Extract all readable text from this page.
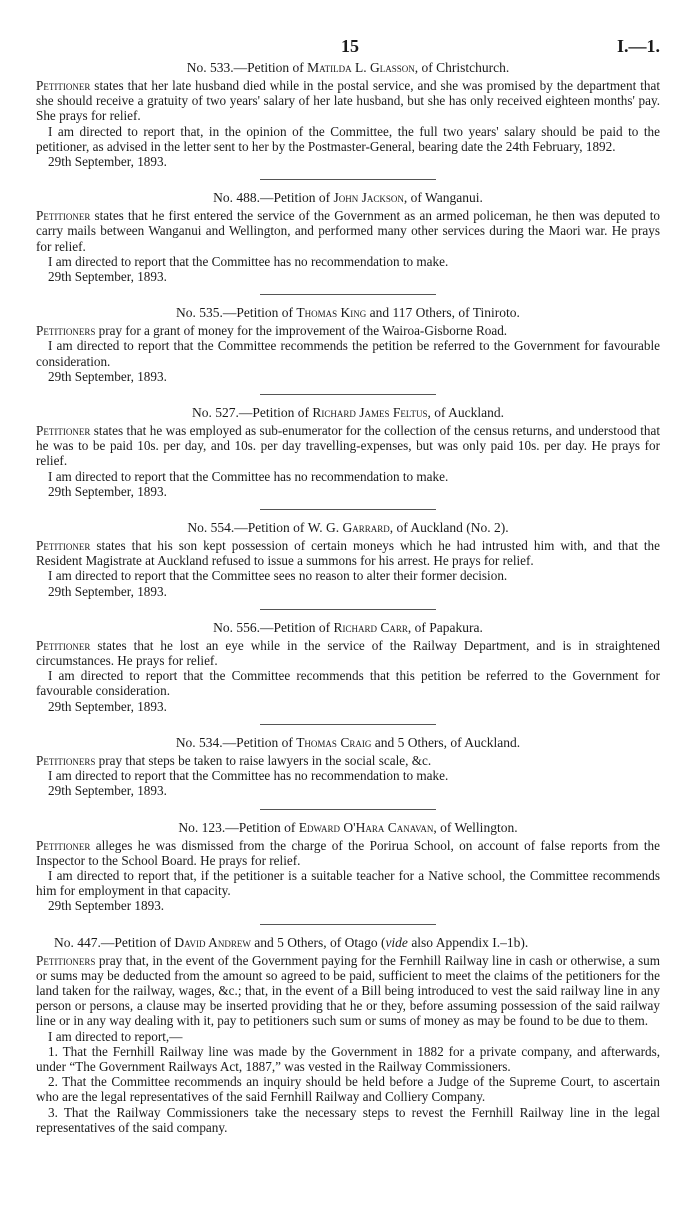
15	I.—1.
No. 533.—Petition of Matilda L. Glasson, of Christchurch.

Petitioner states that her late husband died while in the postal service, and she was promised by the department that she should receive a gratuity of two years' salary of her late husband, but she has only received eighteen months' pay. She prays for relief.

I am directed to report that, in the opinion of the Committee, the full two years' salary should be paid to the petitioner, as advised in the letter sent to her by the Postmaster-General, bearing date the 24th February, 1892.

29th September, 1893.

No. 488.—Petition of John Jackson, of Wanganui.

Petitioner states that he first entered the service of the Government as an armed policeman, he then was deputed to carry mails between Wanganui and Wellington, and performed many other services during the Maori war. He prays for relief.

I am directed to report that the Committee has no recommendation to make.

29th September, 1893.

No. 535.—Petition of Thomas King and 117 Others, of Tiniroto.

Petitioners pray for a grant of money for the improvement of the Wairoa-Gisborne Road.

I am directed to report that the Committee recommends the petition be referred to the Government for favourable consideration.

29th September, 1893.

No. 527.—Petition of Richard James Feltus, of Auckland.

Petitioner states that he was employed as sub-enumerator for the collection of the census returns, and understood that he was to be paid 10s. per day, and 10s. per day travelling-expenses, but was only paid 10s. per day. He prays for relief.

I am directed to report that the Committee has no recommendation to make.

29th September, 1893.

No. 554.—Petition of W. G. Garrard, of Auckland (No. 2).

Petitioner states that his son kept possession of certain moneys which he had intrusted him with, and that the Resident Magistrate at Auckland refused to issue a summons for his arrest. He prays for relief.

I am directed to report that the Committee sees no reason to alter their former decision.

29th September, 1893.

No. 556.—Petition of Richard Carr, of Papakura.

Petitioner states that he lost an eye while in the service of the Railway Department, and is in straightened circumstances. He prays for relief.

I am directed to report that the Committee recommends that this petition be referred to the Government for favourable consideration.

29th September, 1893.

No. 534.—Petition of Thomas Craig and 5 Others, of Auckland.

Petitioners pray that steps be taken to raise lawyers in the social scale, &c.

I am directed to report that the Committee has no recommendation to make.

29th September, 1893.

No. 123.—Petition of Edward O'Hara Canavan, of Wellington.

Petitioner alleges he was dismissed from the charge of the Porirua School, on account of false reports from the Inspector to the School Board. He prays for relief.

I am directed to report that, if the petitioner is a suitable teacher for a Native school, the Committee recommends him for employment in that capacity.

29th September 1893.

No. 447.—Petition of David Andrew and 5 Others, of Otago (vide also Appendix I.–1b).

Petitioners pray that, in the event of the Government paying for the Fernhill Railway line in cash or otherwise, a sum or sums may be deducted from the amount so agreed to be paid, sufficient to meet the claims of the petitioners for the land taken for the railway, wages, &c.; that, in the event of a Bill being introduced to vest the said railway line in any person or persons, a clause may be inserted providing that he or they, before assuming possession of the said railway line or in any way dealing with it, pay to petitioners such sum or sums of money as may be found to be due to them.

I am directed to report,—

1. That the Fernhill Railway line was made by the Government in 1882 for a private company, and afterwards, under “The Government Railways Act, 1887,” was vested in the Railway Commissioners.

2. That the Committee recommends an inquiry should be held before a Judge of the Supreme Court, to ascertain who are the legal representatives of the said Fernhill Railway and Colliery Company.

3. That the Railway Commissioners take the necessary steps to revest the Fernhill Railway line in the legal representatives of the said company.
